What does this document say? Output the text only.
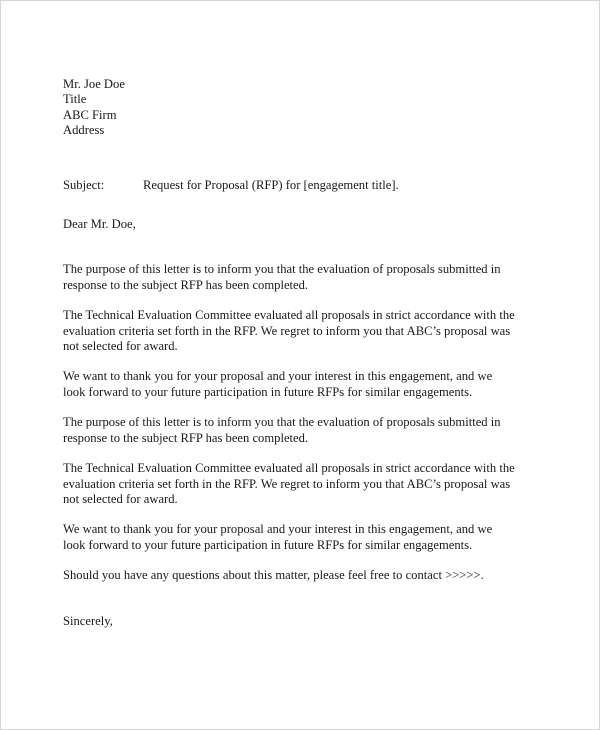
Mr. Joe Doe
Title
ABC Firm
Address
Subject:	Request for Proposal (RFP) for [engagement title].
Dear Mr. Doe,
The purpose of this letter is to inform you that the evaluation of proposals submitted in
response to the subject RFP has been completed.
The Technical Evaluation Committee evaluated all proposals in strict accordance with the
evaluation criteria set forth in the RFP. We regret to inform you that ABC’s proposal was
not selected for award.
We want to thank you for your proposal and your interest in this engagement, and we
look forward to your future participation in future RFPs for similar engagements.
The purpose of this letter is to inform you that the evaluation of proposals submitted in
response to the subject RFP has been completed.
The Technical Evaluation Committee evaluated all proposals in strict accordance with the
evaluation criteria set forth in the RFP. We regret to inform you that ABC’s proposal was
not selected for award.
We want to thank you for your proposal and your interest in this engagement, and we
look forward to your future participation in future RFPs for similar engagements.
Should you have any questions about this matter, please feel free to contact >>>>>.
Sincerely,
